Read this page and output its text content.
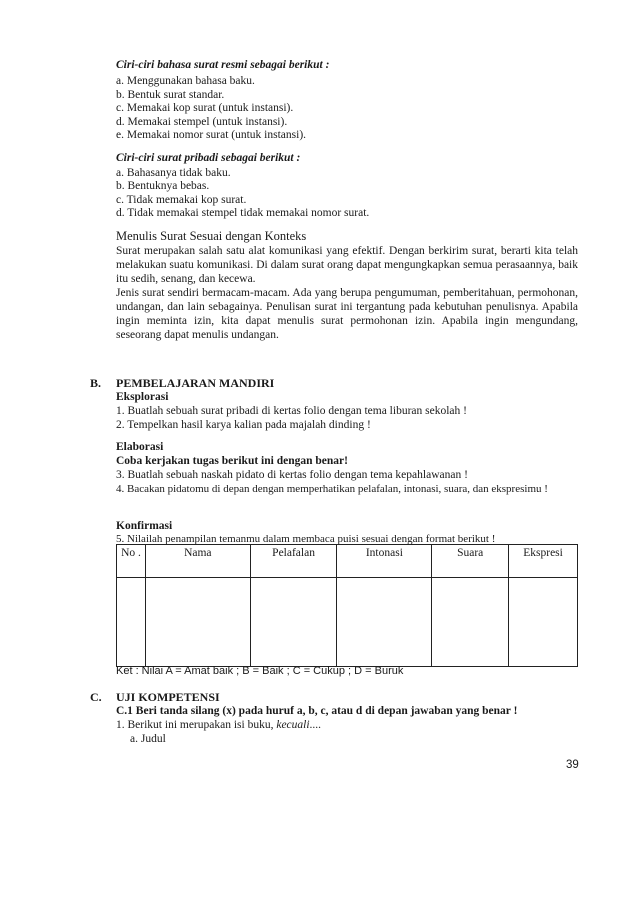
Ciri-ciri bahasa surat resmi sebagai berikut :
a. Menggunakan bahasa baku.
b. Bentuk surat standar.
c. Memakai kop surat (untuk instansi).
d. Memakai stempel (untuk instansi).
e. Memakai nomor surat (untuk instansi).
Ciri-ciri surat pribadi sebagai berikut :
a. Bahasanya tidak baku.
b. Bentuknya bebas.
c. Tidak memakai kop surat.
d. Tidak memakai stempel tidak memakai nomor surat.
Menulis Surat Sesuai dengan Konteks
Surat merupakan salah satu alat komunikasi yang efektif. Dengan berkirim surat, berarti kita telah melakukan suatu komunikasi. Di dalam surat orang dapat mengungkapkan semua perasaannya, baik itu sedih, senang, dan kecewa.
Jenis surat sendiri bermacam-macam. Ada yang berupa pengumuman, pemberitahuan, permohonan, undangan, dan lain sebagainya. Penulisan surat ini tergantung pada kebutuhan penulisnya. Apabila ingin meminta izin, kita dapat menulis surat permohonan izin. Apabila ingin mengundang, seseorang dapat menulis undangan.
B. PEMBELAJARAN MANDIRI
Eksplorasi
1. Buatlah sebuah surat pribadi di kertas folio dengan tema liburan sekolah !
2. Tempelkan hasil karya kalian pada majalah dinding !
Elaborasi
Coba kerjakan tugas berikut ini dengan benar!
3. Buatlah sebuah naskah pidato di kertas folio dengan tema kepahlawanan !
4. Bacakan pidatomu di depan dengan memperhatikan pelafalan, intonasi, suara, dan ekspresimu !
Konfirmasi
5. Nilailah penampilan temanmu dalam membaca puisi sesuai dengan format berikut !
No .	Nama	Pelafalan	Intonasi	Suara	Ekspresi

Ket : Nilai A = Amat baik ; B = Baik ; C = Cukup ; D = Buruk
C. UJI KOMPETENSI
C.1 Beri tanda silang (x) pada huruf a, b, c, atau d di depan jawaban yang benar !
1. Berikut ini merupakan isi buku, kecuali....
a. Judul
39
